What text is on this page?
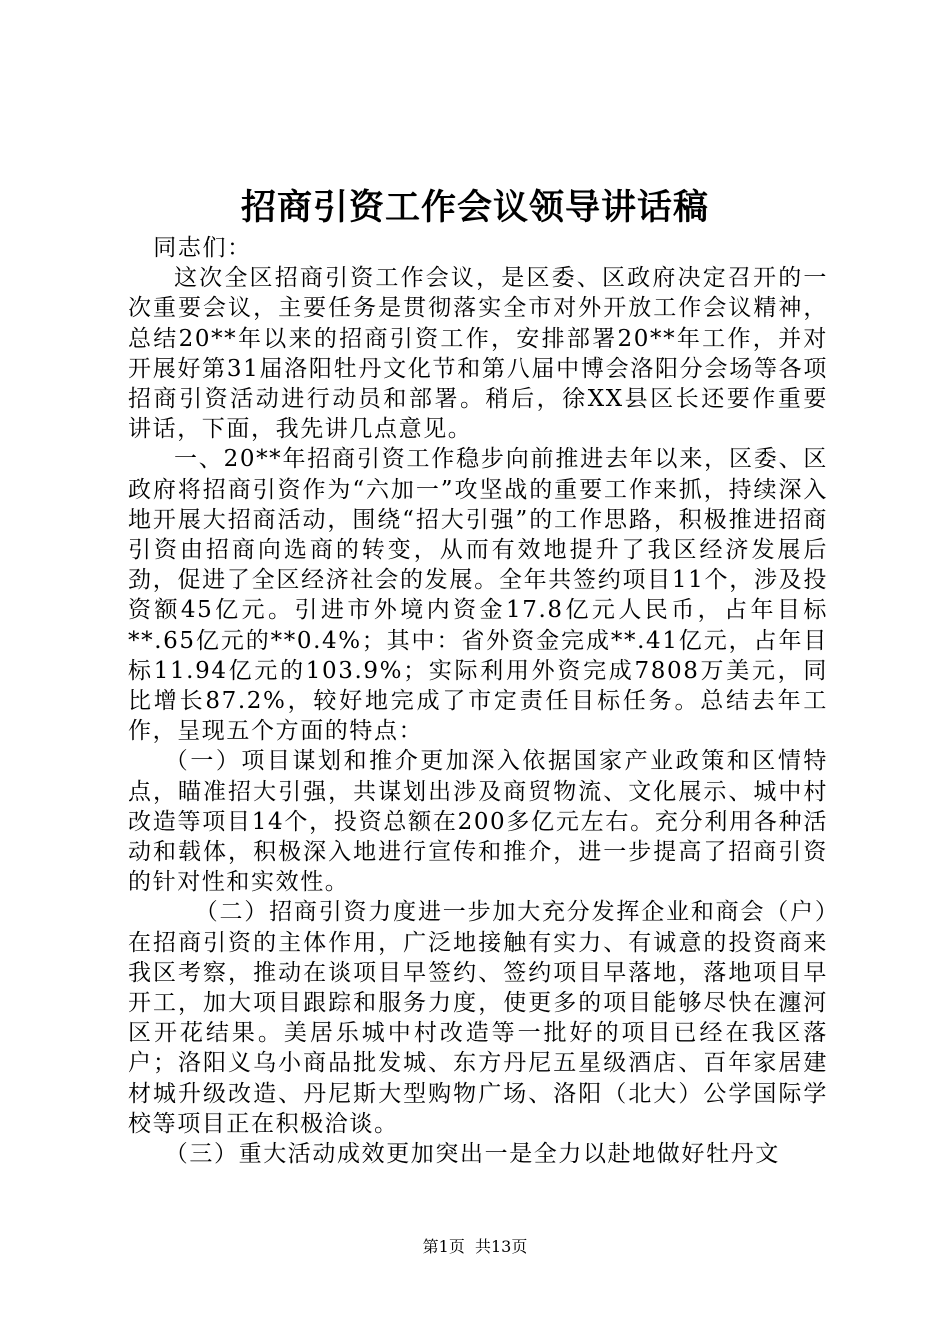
招商引资工作会议领导讲话稿

同志们：

这次全区招商引资工作会议，是区委、区政府决定召开的一次重要会议，主要任务是贯彻落实全市对外开放工作会议精神，总结20**年以来的招商引资工作，安排部署20**年工作，并对开展好第31届洛阳牡丹文化节和第八届中博会洛阳分会场等各项招商引资活动进行动员和部署。稍后，徐XX县区长还要作重要讲话，下面，我先讲几点意见。

一、20**年招商引资工作稳步向前推进去年以来，区委、区政府将招商引资作为“六加一”攻坚战的重要工作来抓，持续深入地开展大招商活动，围绕“招大引强”的工作思路，积极推进招商引资由招商向选商的转变，从而有效地提升了我区经济发展后劲，促进了全区经济社会的发展。全年共签约项目11个，涉及投资额45亿元。引进市外境内资金17.8亿元人民币，占年目标**.65亿元的**0.4%；其中：省外资金完成**.41亿元，占年目标11.94亿元的103.9%；实际利用外资完成7808万美元，同比增长87.2%，较好地完成了市定责任目标任务。总结去年工作，呈现五个方面的特点：

（一）项目谋划和推介更加深入依据国家产业政策和区情特点，瞄准招大引强，共谋划出涉及商贸物流、文化展示、城中村改造等项目14个，投资总额在200多亿元左右。充分利用各种活动和载体，积极深入地进行宣传和推介，进一步提高了招商引资的针对性和实效性。

（二）招商引资力度进一步加大充分发挥企业和商会（户）在招商引资的主体作用，广泛地接触有实力、有诚意的投资商来我区考察，推动在谈项目早签约、签约项目早落地，落地项目早开工，加大项目跟踪和服务力度，使更多的项目能够尽快在瀍河区开花结果。美居乐城中村改造等一批好的项目已经在我区落户；洛阳义乌小商品批发城、东方丹尼五星级酒店、百年家居建材城升级改造、丹尼斯大型购物广场、洛阳（北大）公学国际学校等项目正在积极洽谈。

（三）重大活动成效更加突出一是全力以赴地做好牡丹文

第1页  共13页
